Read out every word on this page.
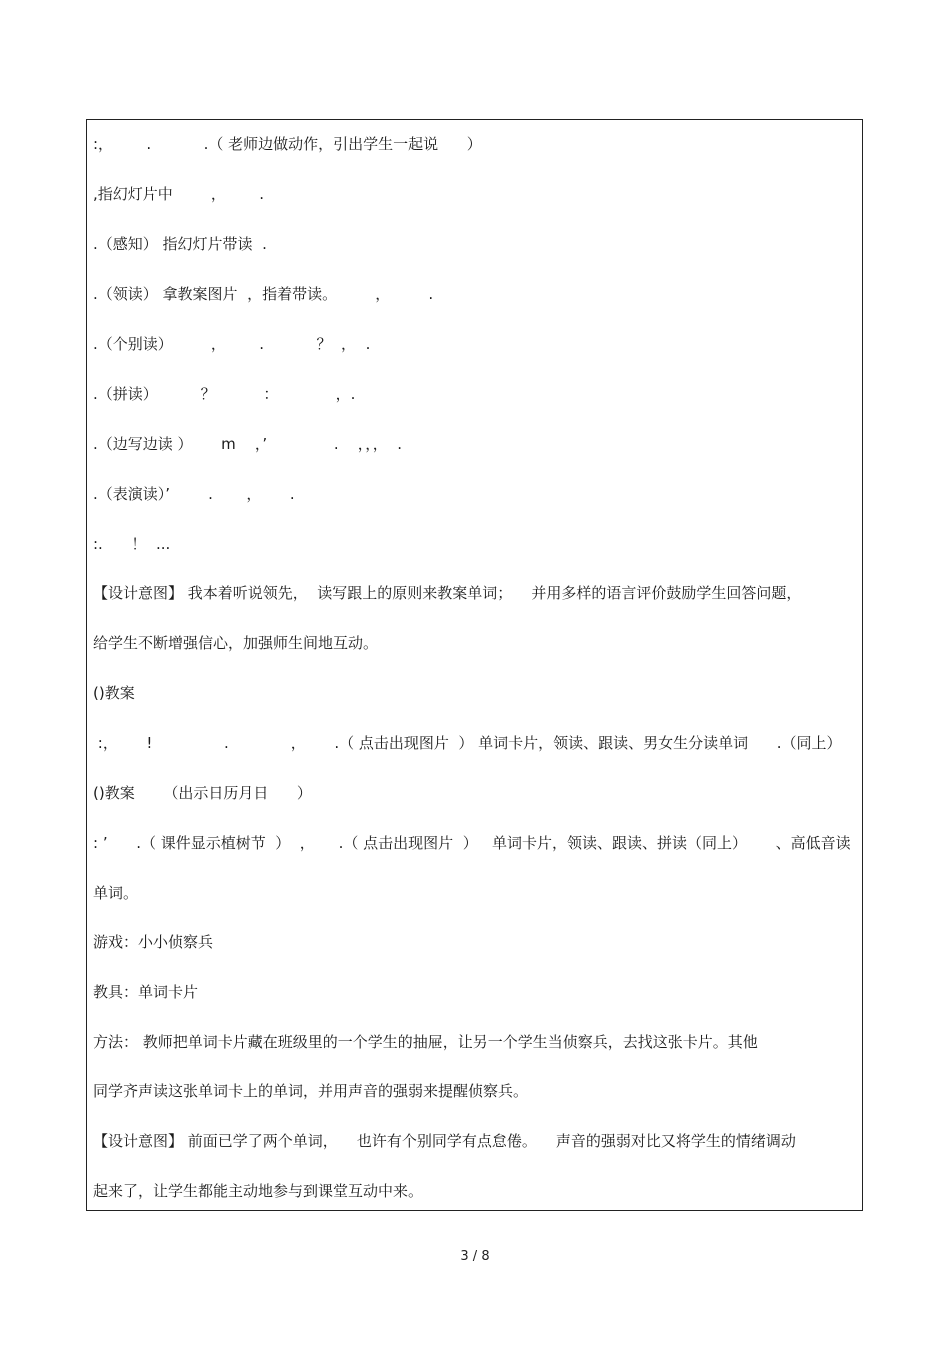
:，       .           .（ 老师边做动作，引出学生一起说      ）
,指幻灯片中        ，       .
.（感知） 指幻灯片带读  .
.（领读） 拿教案图片  ，指着带读。        ，        .
.（个别读）        ，       .           ？  ，  .
.（拼读）         ？          ：            ，.
.（边写边读 ）      m    ，’              .    ，，，  .
.（表演读）’        .       ，      .
:.      ！  ...
【设计意图】 我本着听说领先，  读写跟上的原则来教案单词；    并用多样的语言评价鼓励学生回答问题，
给学生不断增强信心，加强师生间地互动。
()教案
:，      !               .             ，      .（ 点击出现图片  ） 单词卡片，领读、跟读、男女生分读单词      .（同上）
()教案      （出示日历月日      ）
: ’      .（ 课件显示植树节  ）  ，     .（ 点击出现图片  ）   单词卡片，领读、跟读、拼读（同上）      、高低音读
单词。
游戏：小小侦察兵
教具：单词卡片
方法： 教师把单词卡片藏在班级里的一个学生的抽屉，让另一个学生当侦察兵，去找这张卡片。其他
同学齐声读这张单词卡上的单词，并用声音的强弱来提醒侦察兵。
【设计意图】 前面已学了两个单词，    也许有个别同学有点怠倦。    声音的强弱对比又将学生的情绪调动
起来了，让学生都能主动地参与到课堂互动中来。
3 / 8
